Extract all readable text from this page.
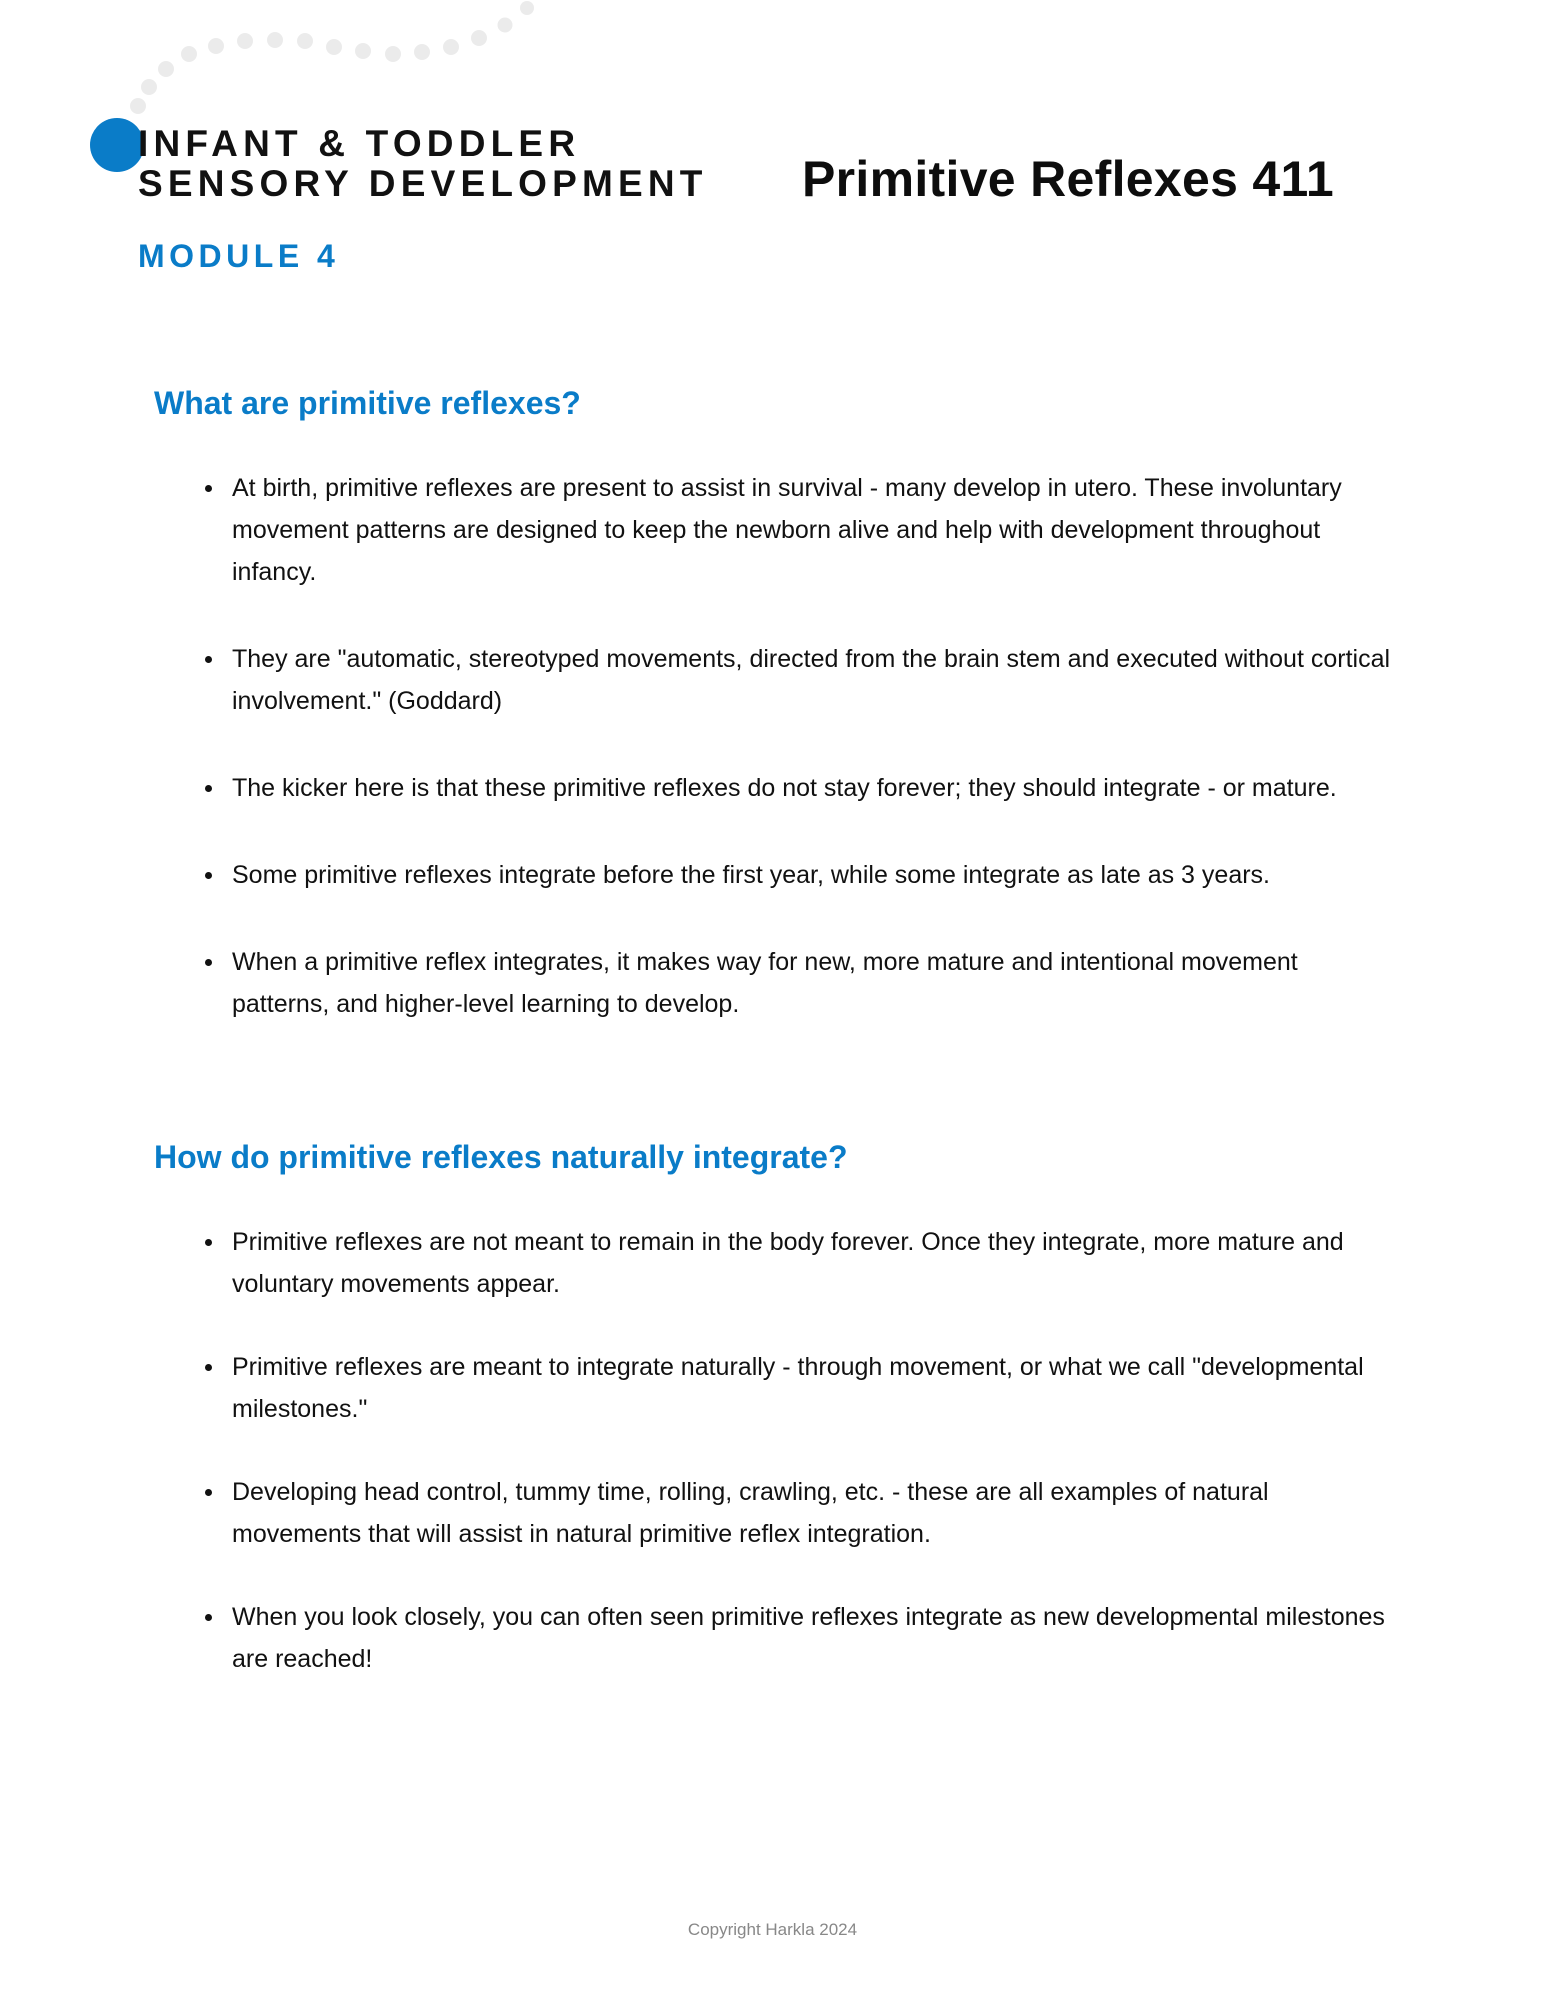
INFANT & TODDLER
SENSORY DEVELOPMENT
MODULE 4
Primitive Reflexes 411
What are primitive reflexes?
At birth, primitive reflexes are present to assist in survival - many develop in utero. These involuntary movement patterns are designed to keep the newborn alive and help with development throughout infancy.
They are "automatic, stereotyped movements, directed from the brain stem and executed without cortical involvement." (Goddard)
The kicker here is that these primitive reflexes do not stay forever; they should integrate - or mature.
Some primitive reflexes integrate before the first year, while some integrate as late as 3 years.
When a primitive reflex integrates, it makes way for new, more mature and intentional movement patterns, and higher-level learning to develop.
How do primitive reflexes naturally integrate?
Primitive reflexes are not meant to remain in the body forever. Once they integrate, more mature and voluntary movements appear.
Primitive reflexes are meant to integrate naturally - through movement, or what we call "developmental milestones."
Developing head control, tummy time, rolling, crawling, etc. - these are all examples of natural movements that will assist in natural primitive reflex integration.
When you look closely, you can often seen primitive reflexes integrate as new developmental milestones are reached!
Copyright Harkla 2024
